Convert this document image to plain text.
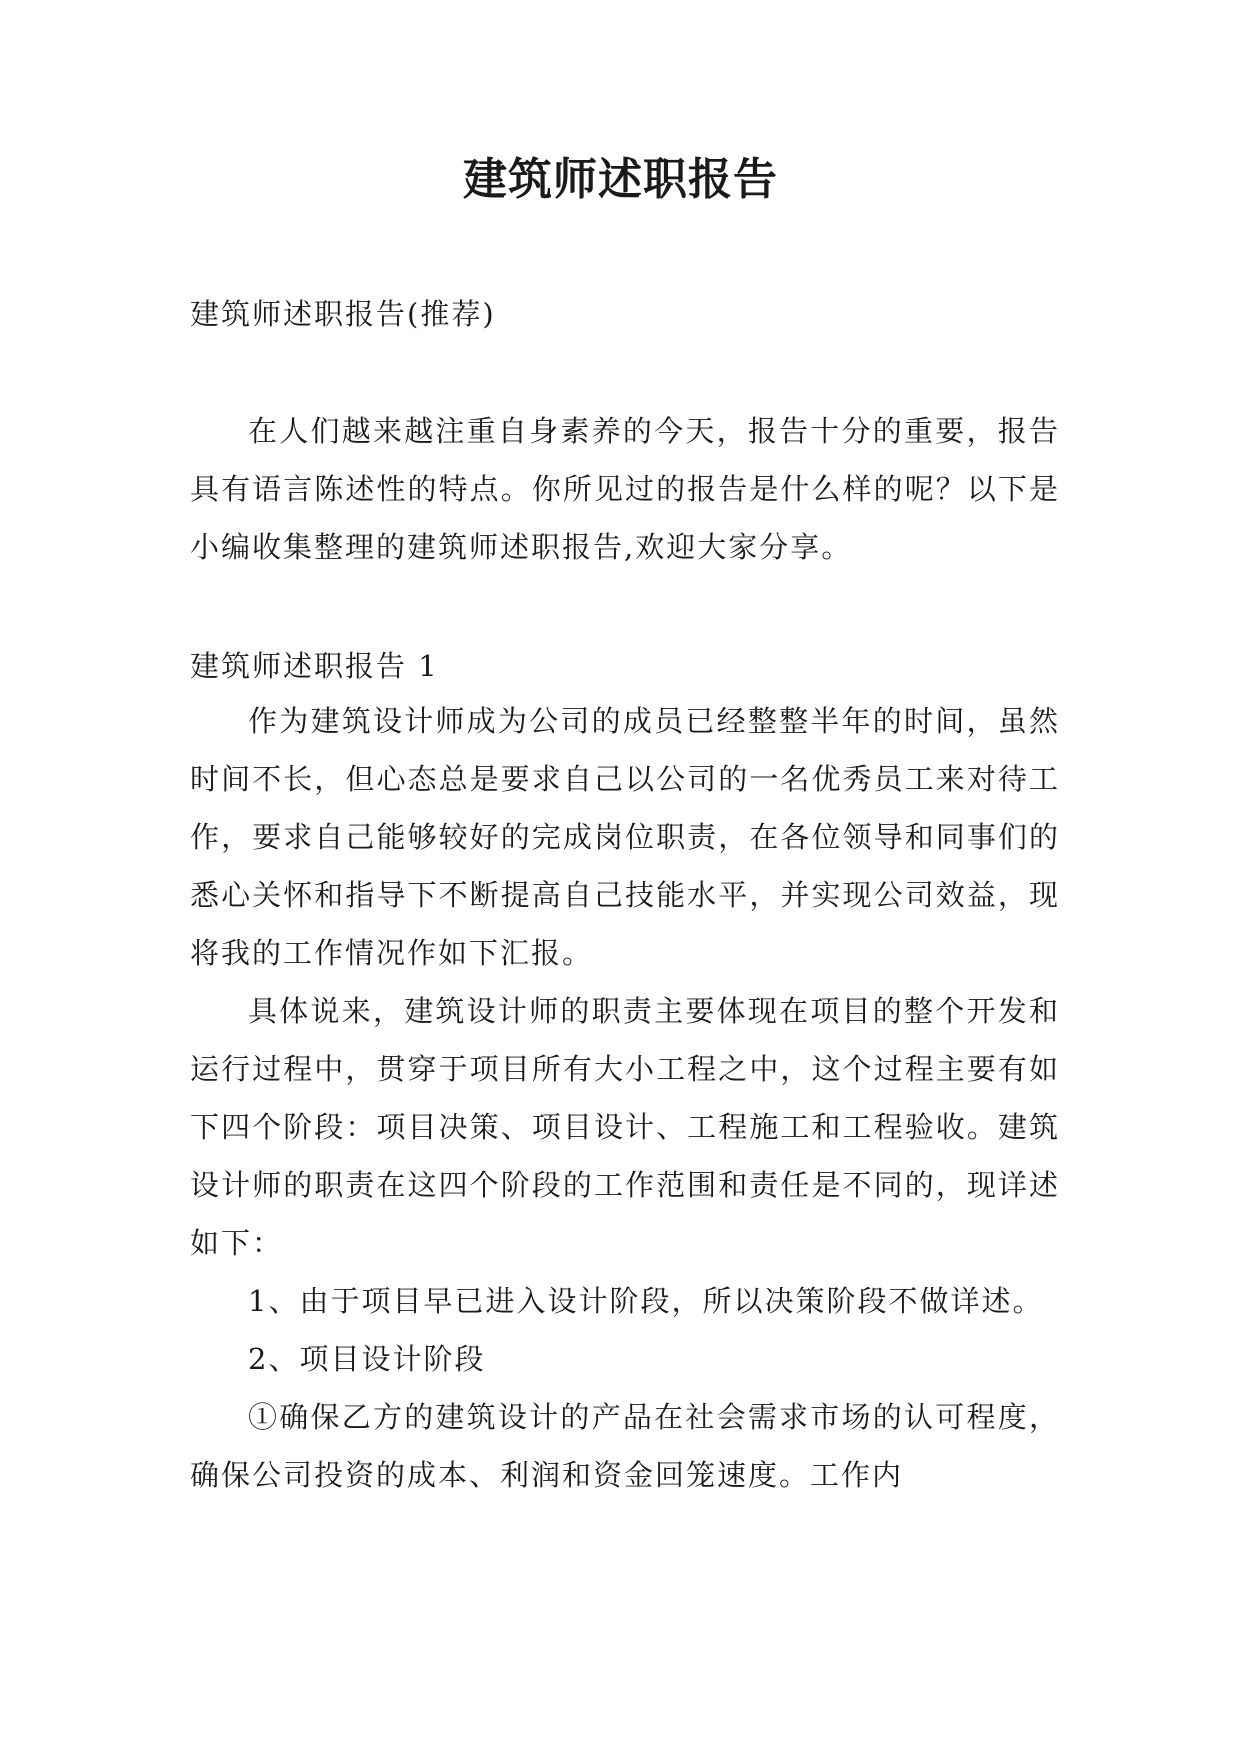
建筑师述职报告

建筑师述职报告(推荐)

在人们越来越注重自身素养的今天，报告十分的重要，报告具有语言陈述性的特点。你所见过的报告是什么样的呢？以下是小编收集整理的建筑师述职报告,欢迎大家分享。

建筑师述职报告 1

作为建筑设计师成为公司的成员已经整整半年的时间，虽然时间不长，但心态总是要求自己以公司的一名优秀员工来对待工作，要求自己能够较好的完成岗位职责，在各位领导和同事们的悉心关怀和指导下不断提高自己技能水平，并实现公司效益，现将我的工作情况作如下汇报。

具体说来，建筑设计师的职责主要体现在项目的整个开发和运行过程中，贯穿于项目所有大小工程之中，这个过程主要有如下四个阶段：项目决策、项目设计、工程施工和工程验收。建筑设计师的职责在这四个阶段的工作范围和责任是不同的，现详述如下：

1、由于项目早已进入设计阶段，所以决策阶段不做详述。

2、项目设计阶段

①确保乙方的建筑设计的产品在社会需求市场的认可程度，确保公司投资的成本、利润和资金回笼速度。工作内
